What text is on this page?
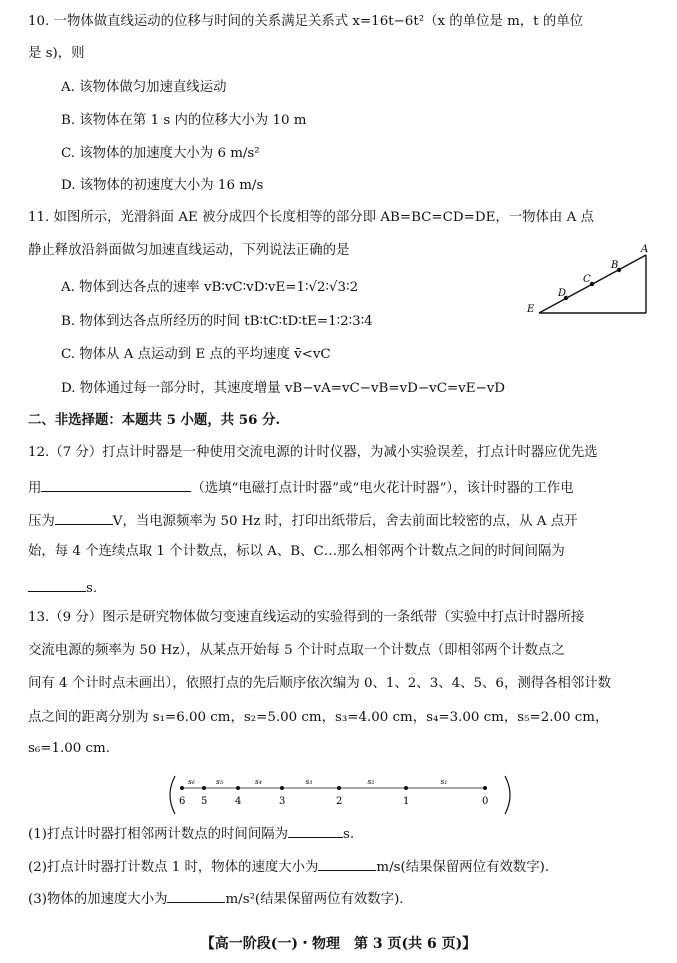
10. 一物体做直线运动的位移与时间的关系满足关系式 x=16t−6t²（x 的单位是 m，t 的单位
是 s)，则
A. 该物体做匀加速直线运动
B. 该物体在第 1 s 内的位移大小为 10 m
C. 该物体的加速度大小为 6 m/s²
D. 该物体的初速度大小为 16 m/s
11. 如图所示，光滑斜面 AE 被分成四个长度相等的部分即 AB=BC=CD=DE，一物体由 A 点
静止释放沿斜面做匀加速直线运动，下列说法正确的是
A. 物体到达各点的速率 vB∶vC∶vD∶vE=1∶√2∶√3∶2
B. 物体到达各点所经历的时间 tB∶tC∶tD∶tE=1∶2∶3∶4
C. 物体从 A 点运动到 E 点的平均速度 v̄<vC
D. 物体通过每一部分时，其速度增量 vB−vA=vC−vB=vD−vC=vE−vD
A
B
C
D
E
二、非选择题：本题共 5 小题，共 56 分.
12.（7 分）打点计时器是一种使用交流电源的计时仪器，为减小实验误差，打点计时器应优先选
用	（选填“电磁打点计时器”或“电火花计时器”），该计时器的工作电
压为	V，当电源频率为 50 Hz 时，打印出纸带后，舍去前面比较密的点，从 A 点开
始，每 4 个连续点取 1 个计数点，标以 A、B、C…那么相邻两个计数点之间的时间间隔为
s.
13.（9 分）图示是研究物体做匀变速直线运动的实验得到的一条纸带（实验中打点计时器所接
交流电源的频率为 50 Hz），从某点开始每 5 个计时点取一个计数点（即相邻两个计数点之
间有 4 个计时点未画出），依照打点的先后顺序依次编为 0、1、2、3、4、5、6，测得各相邻计数
点之间的距离分别为 s₁=6.00 cm，s₂=5.00 cm，s₃=4.00 cm，s₄=3.00 cm，s₅=2.00 cm，
s₆=1.00 cm.
6 5	4	3	2	1	0
s₆	s₅	s₄	s₃	s₂	s₁
(1)打点计时器打相邻两计数点的时间间隔为	s.
(2)打点计时器打计数点 1 时，物体的速度大小为	m/s(结果保留两位有效数字).
(3)物体的加速度大小为	m/s²(结果保留两位有效数字).
【高一阶段(一)・物理　第 3 页(共 6 页)】
